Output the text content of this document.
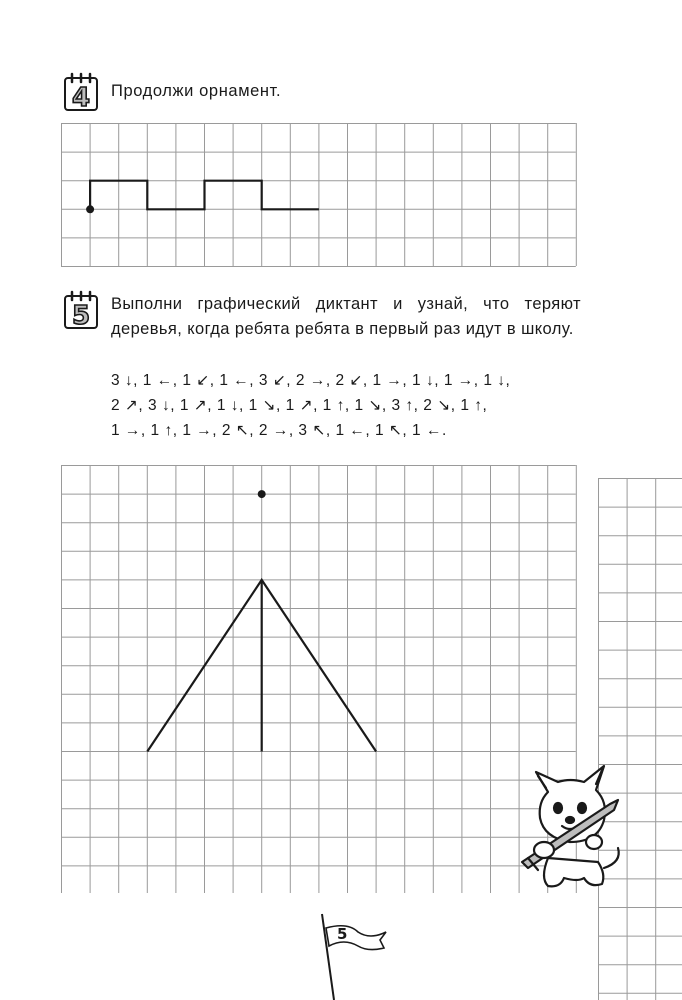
4 Продолжи орнамент.
5 Выполни графический диктант и узнай, что теряют деревья, когда ребята ребята в первый раз идут в школу.
3 ↓, 1 ←, 1 ↙, 1 ←, 3 ↙, 2 →, 2 ↙, 1 →, 1 ↓, 1 →, 1 ↓,
2 ↗, 3 ↓, 1 ↗, 1 ↓, 1 ↘, 1 ↗, 1 ↑, 1 ↘, 3 ↑, 2 ↘, 1 ↑,
1 →, 1 ↑, 1 →, 2 ↖, 2 →, 3 ↖, 1 ←, 1 ↖, 1 ←.
5
